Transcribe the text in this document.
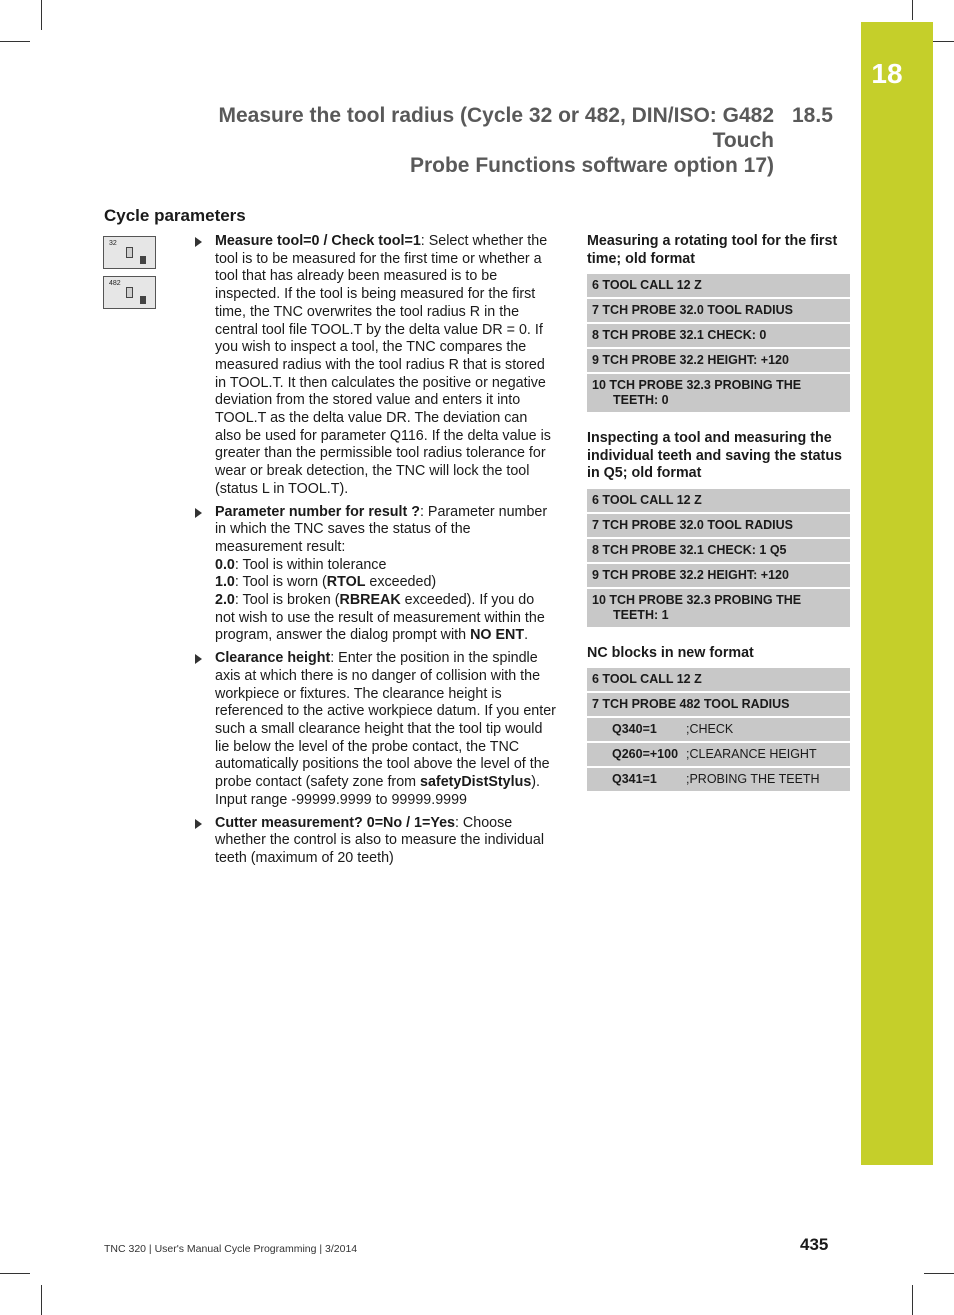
18
Measure the tool radius (Cycle 32 or 482, DIN/ISO: G482 Touch
Probe Functions software option 17)
18.5
Cycle parameters
32
482
Measure tool=0 / Check tool=1: Select whether the tool is to be measured for the first time or whether a tool that has already been measured is to be inspected. If the tool is being measured for the first time, the TNC overwrites the tool radius R in the central tool file TOOL.T by the delta value DR = 0. If you wish to inspect a tool, the TNC compares the measured radius with the tool radius R that is stored in TOOL.T. It then calculates the positive or negative deviation from the stored value and enters it into TOOL.T as the delta value DR. The deviation can also be used for parameter Q116. If the delta value is greater than the permissible tool radius tolerance for wear or break detection, the TNC will lock the tool (status L in TOOL.T).
Parameter number for result ?: Parameter number in which the TNC saves the status of the measurement result:
0.0: Tool is within tolerance
1.0: Tool is worn (RTOL exceeded)
2.0: Tool is broken (RBREAK exceeded). If you do not wish to use the result of measurement within the program, answer the dialog prompt with NO ENT.
Clearance height: Enter the position in the spindle axis at which there is no danger of collision with the workpiece or fixtures. The clearance height is referenced to the active workpiece datum. If you enter such a small clearance height that the tool tip would lie below the level of the probe contact, the TNC automatically positions the tool above the level of the probe contact (safety zone from safetyDistStylus). Input range -99999.9999 to 99999.9999
Cutter measurement? 0=No / 1=Yes: Choose whether the control is also to measure the individual teeth (maximum of 20 teeth)
Measuring a rotating tool for the first time; old format
6 TOOL CALL 12 Z
7 TCH PROBE 32.0 TOOL RADIUS
8 TCH PROBE 32.1 CHECK: 0
9 TCH PROBE 32.2 HEIGHT: +120
10 TCH PROBE 32.3 PROBING THE
TEETH: 0
Inspecting a tool and measuring the individual teeth and saving the status in Q5; old format
6 TOOL CALL 12 Z
7 TCH PROBE 32.0 TOOL RADIUS
8 TCH PROBE 32.1 CHECK: 1 Q5
9 TCH PROBE 32.2 HEIGHT: +120
10 TCH PROBE 32.3 PROBING THE
TEETH: 1
NC blocks in new format
6 TOOL CALL 12 Z
7 TCH PROBE 482 TOOL RADIUS
Q340=1	;CHECK
Q260=+100 ;CLEARANCE HEIGHT
Q341=1	;PROBING THE TEETH
TNC 320 | User's Manual Cycle Programming | 3/2014	435
